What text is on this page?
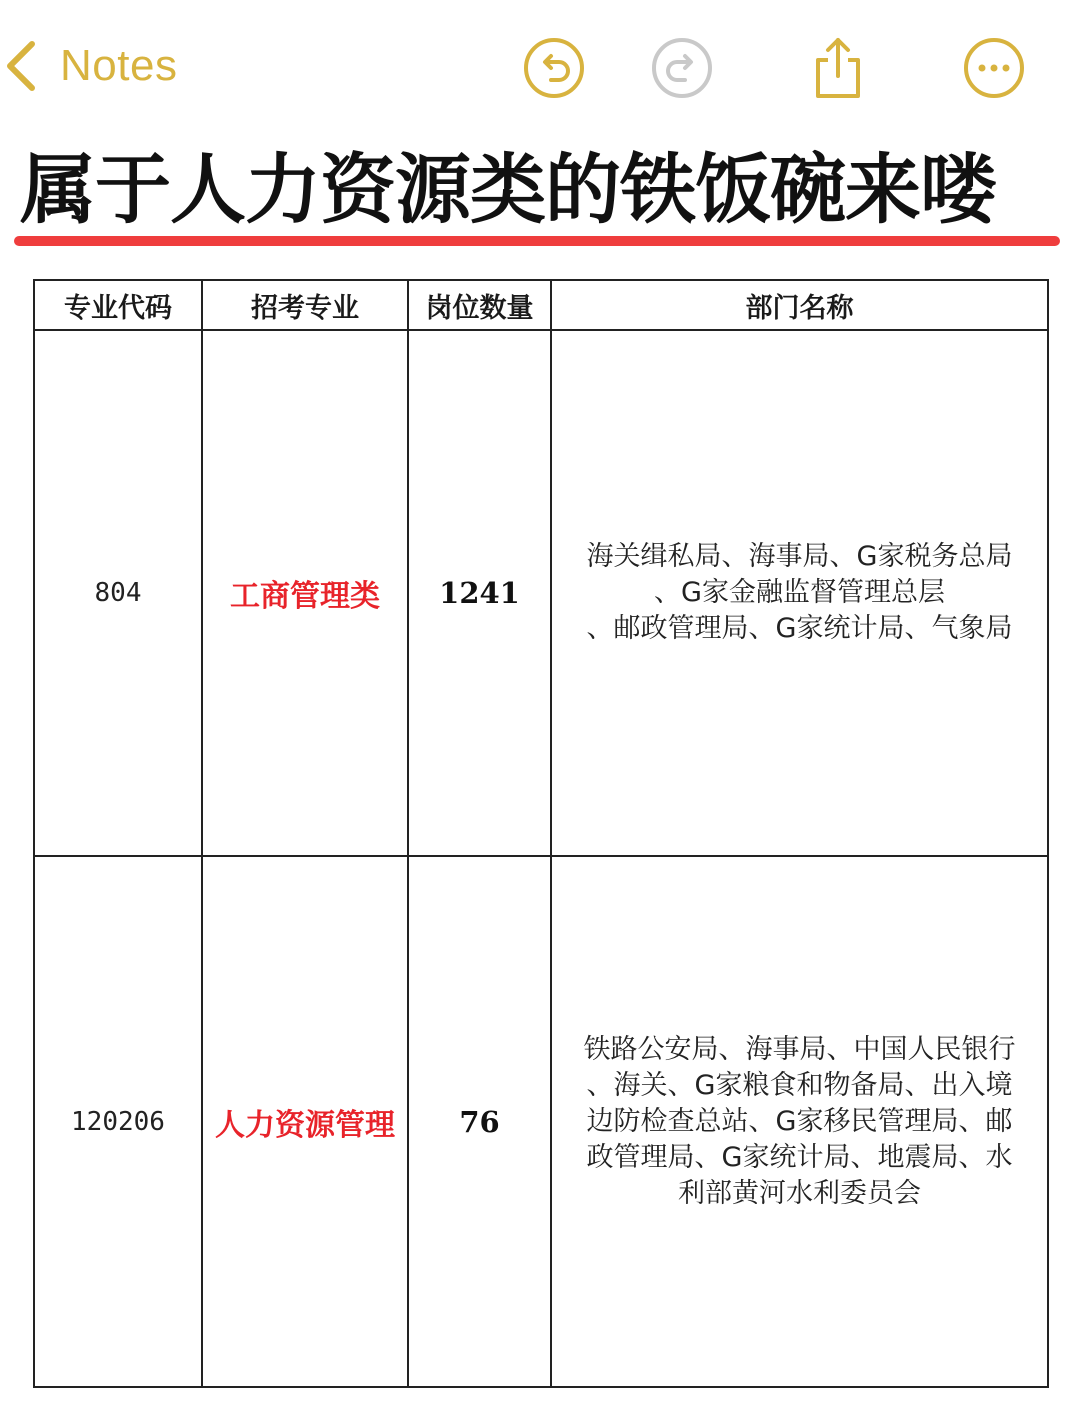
Notes
属于人力资源类的铁饭碗来喽
专业代码	招考专业	岗位数量	部门名称
804	工商管理类	1241	海关缉私局、海事局、G家税务总局
、G家金融监督管理总层
、邮政管理局、G家统计局、气象局

120206	人力资源管理	76	铁路公安局、海事局、中国人民银行
、海关、G家粮食和物备局、出入境
边防检查总站、G家移民管理局、邮
政管理局、G家统计局、地震局、水
利部黄河水利委员会
